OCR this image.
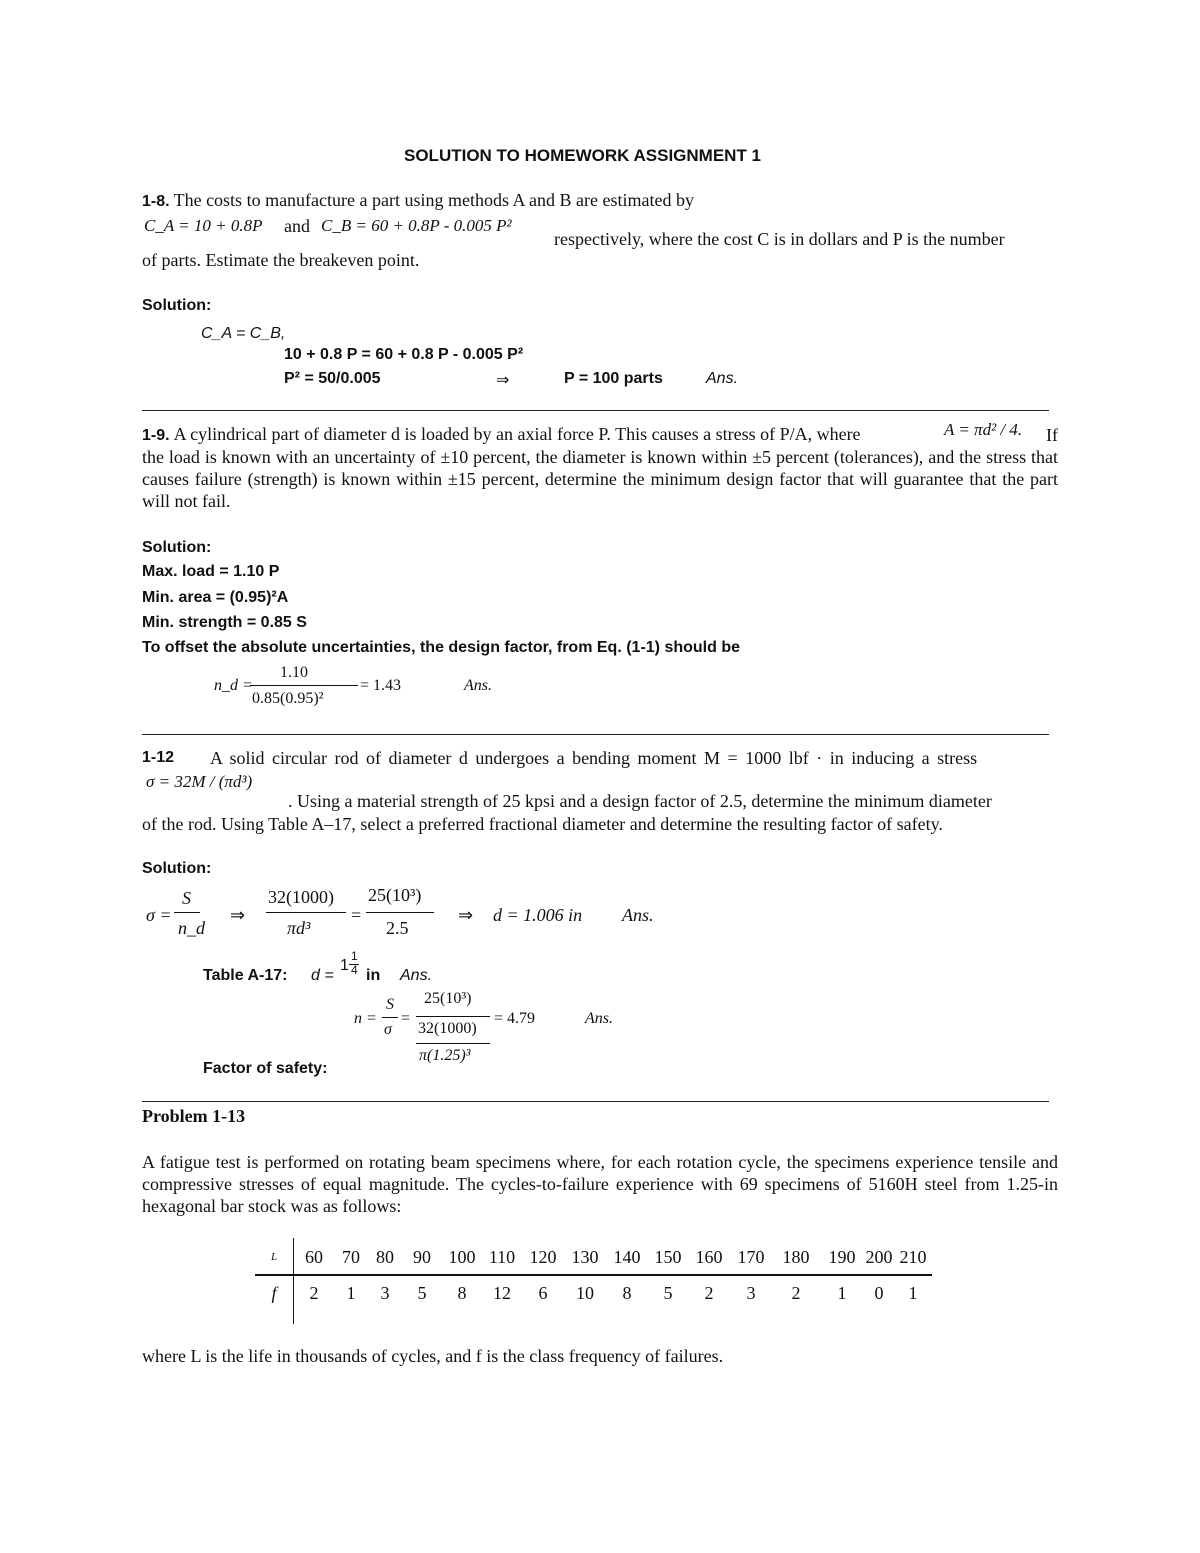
SOLUTION TO HOMEWORK ASSIGNMENT 1
1-8. The costs to manufacture a part using methods A and B are estimated by
C_A = 10 + 0.8P and C_B = 60 + 0.8P - 0.005 P²
respectively, where the cost C is in dollars and P is the number
of parts. Estimate the breakeven point.
Solution:
C_A = C_B,
10 + 0.8 P = 60 + 0.8 P - 0.005 P²
P² = 50/0.005	⇒	P = 100 parts	Ans.
1-9. A cylindrical part of diameter d is loaded by an axial force P. This causes a stress of P/A, where	A = πd² / 4.	If the load is known with an uncertainty of ±10 percent, the diameter is known within ±5 percent (tolerances), and the stress that causes failure (strength) is known within ±15 percent, determine the minimum design factor that will guarantee that the part will not fail.
Solution:
Max. load = 1.10 P
Min. area = (0.95)²A
Min. strength = 0.85 S
To offset the absolute uncertainties, the design factor, from Eq. (1-1) should be
n_d =
1.10
0.85(0.95)²
= 1.43	Ans.
1-12 A solid circular rod of diameter d undergoes a bending moment M = 1000 lbf · in inducing a stress
σ = 32M / (πd³)
. Using a material strength of 25 kpsi and a design factor of 2.5, determine the minimum diameter
of the rod. Using Table A–17, select a preferred fractional diameter and determine the resulting factor of safety.
Solution:
σ =
S
n_d
⇒
32(1000)
πd³
=
25(10³)
2.5
⇒ d = 1.006 in Ans.
Table A-17: d =
1
1
4 in Ans.
n =
S
σ
=
25(10³)
32(1000)
π(1.25)³
= 4.79	Ans.
Factor of safety:
Problem 1-13
A fatigue test is performed on rotating beam specimens where, for each rotation cycle, the specimens experience tensile and compressive stresses of equal magnitude. The cycles-to-failure experience with 69 specimens of 5160H steel from 1.25-in hexagonal bar stock was as follows:
L	60	70	80	90	100	110	120	130	140	150	160	170	180	190	200	210
f	2	1	3	5	8	12	6	10	8	5	2	3	2	1	0	1
where L is the life in thousands of cycles, and f is the class frequency of failures.
